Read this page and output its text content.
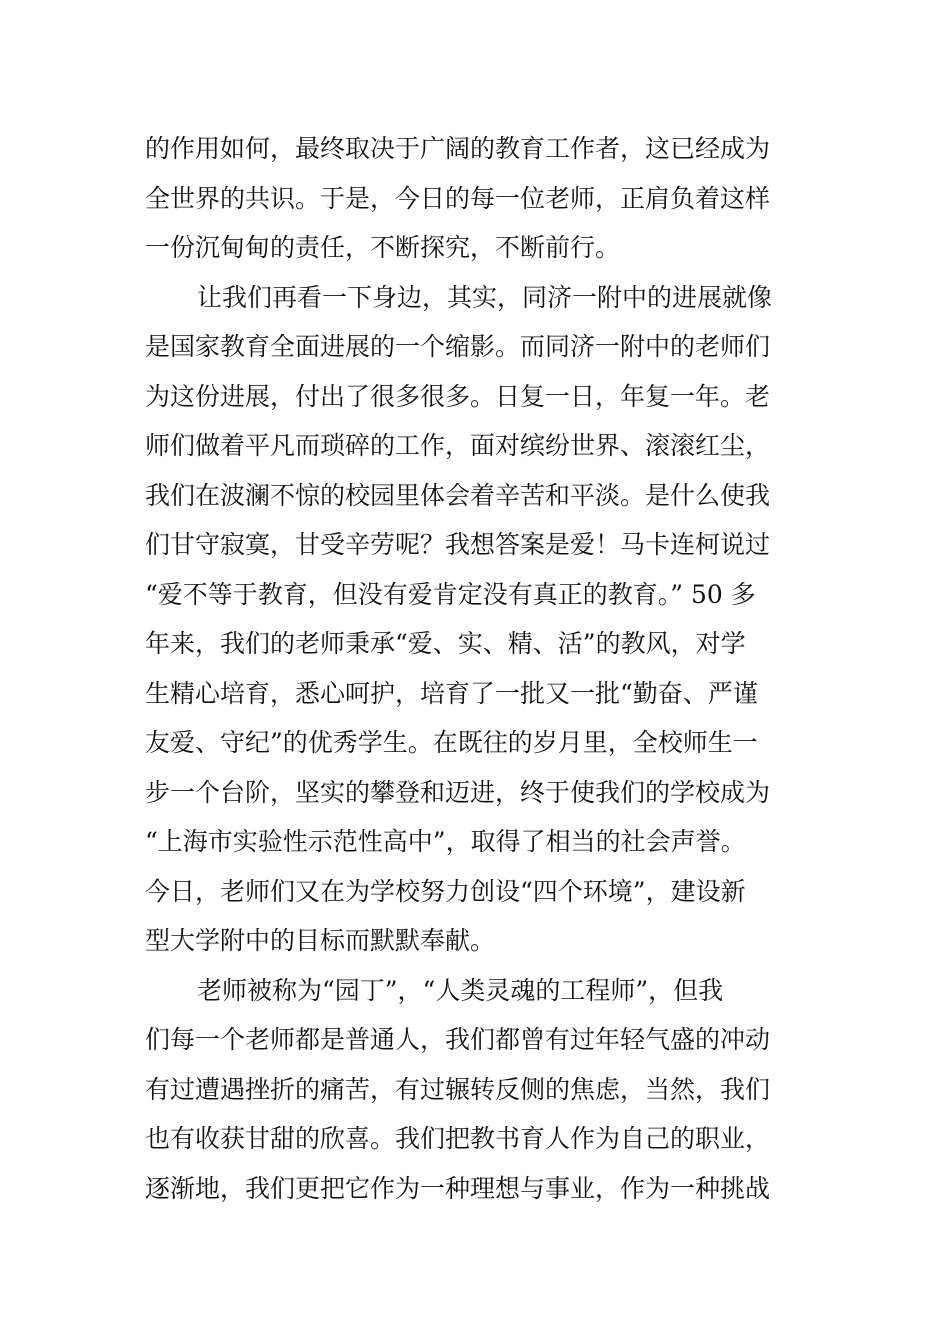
的作用如何，最终取决于广阔的教育工作者，这已经成为
全世界的共识。于是，今日的每一位老师，正肩负着这样
一份沉甸甸的责任，不断探究，不断前行。
让我们再看一下身边，其实，同济一附中的进展就像
是国家教育全面进展的一个缩影。而同济一附中的老师们
为这份进展，付出了很多很多。日复一日，年复一年。老
师们做着平凡而琐碎的工作，面对缤纷世界、滚滚红尘，
我们在波澜不惊的校园里体会着辛苦和平淡。是什么使我
们甘守寂寞，甘受辛劳呢？我想答案是爱！马卡连柯说过
“爱不等于教育，但没有爱肯定没有真正的教育。” 50 多
年来，我们的老师秉承“爱、实、精、活”的教风，对学
生精心培育，悉心呵护，培育了一批又一批“勤奋、严谨
友爱、守纪”的优秀学生。在既往的岁月里，全校师生一
步一个台阶，坚实的攀登和迈进，终于使我们的学校成为
“上海市实验性示范性高中”，取得了相当的社会声誉。
今日，老师们又在为学校努力创设“四个环境”，建设新
型大学附中的目标而默默奉献。
老师被称为“园丁”，“人类灵魂的工程师”，但我
们每一个老师都是普通人，我们都曾有过年轻气盛的冲动
有过遭遇挫折的痛苦，有过辗转反侧的焦虑，当然，我们
也有收获甘甜的欣喜。我们把教书育人作为自己的职业，
逐渐地，我们更把它作为一种理想与事业，作为一种挑战
